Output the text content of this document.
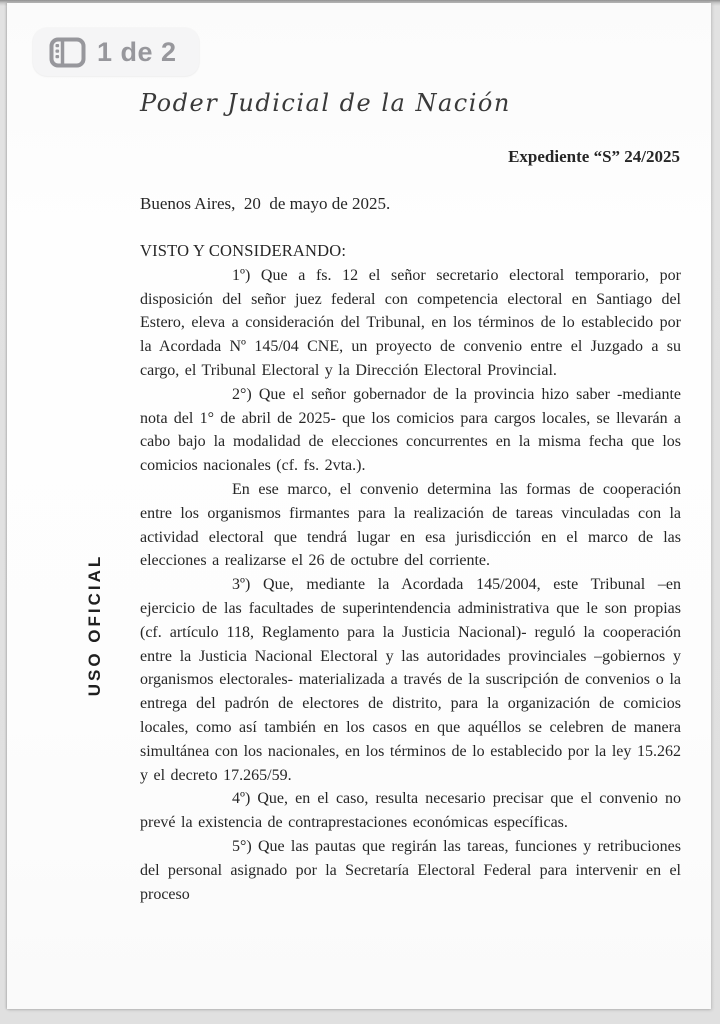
1 de 2
Poder Judicial de la Nación
Expediente “S” 24/2025
Buenos Aires,  20  de mayo de 2025.

VISTO Y CONSIDERANDO:

1º) Que a fs. 12 el señor secretario electoral temporario, por disposición del señor juez federal con competencia electoral en Santiago del Estero, eleva a consideración del Tribunal, en los términos de lo establecido por la Acordada Nº 145/04 CNE, un proyecto de convenio entre el Juzgado a su cargo, el Tribunal Electoral y la Dirección Electoral Provincial.

2°) Que el señor gobernador de la provincia hizo saber -mediante nota del 1° de abril de 2025- que los comicios para cargos locales, se llevarán a cabo bajo la modalidad de elecciones concurrentes en la misma fecha que los comicios nacionales (cf. fs. 2vta.).

En ese marco, el convenio determina las formas de cooperación entre los organismos firmantes para la realización de tareas vinculadas con la actividad electoral que tendrá lugar en esa jurisdicción en el marco de las elecciones a realizarse el 26 de octubre del corriente.

3º) Que, mediante la Acordada 145/2004, este Tribunal –en ejercicio de las facultades de superintendencia administrativa que le son propias (cf. artículo 118, Reglamento para la Justicia Nacional)- reguló la cooperación entre la Justicia Nacional Electoral y las autoridades provinciales –gobiernos y organismos electorales- materializada a través de la suscripción de convenios o la entrega del padrón de electores de distrito, para la organización de comicios locales, como así también en los casos en que aquéllos se celebren de manera simultánea con los nacionales, en los términos de lo establecido por la ley 15.262 y el decreto 17.265/59.

4º) Que, en el caso, resulta necesario precisar que el convenio no prevé la existencia de contraprestaciones económicas específicas.

5°) Que las pautas que regirán las tareas, funciones y retribuciones del personal asignado por la Secretaría Electoral Federal para intervenir en el proceso

USO OFICIAL
